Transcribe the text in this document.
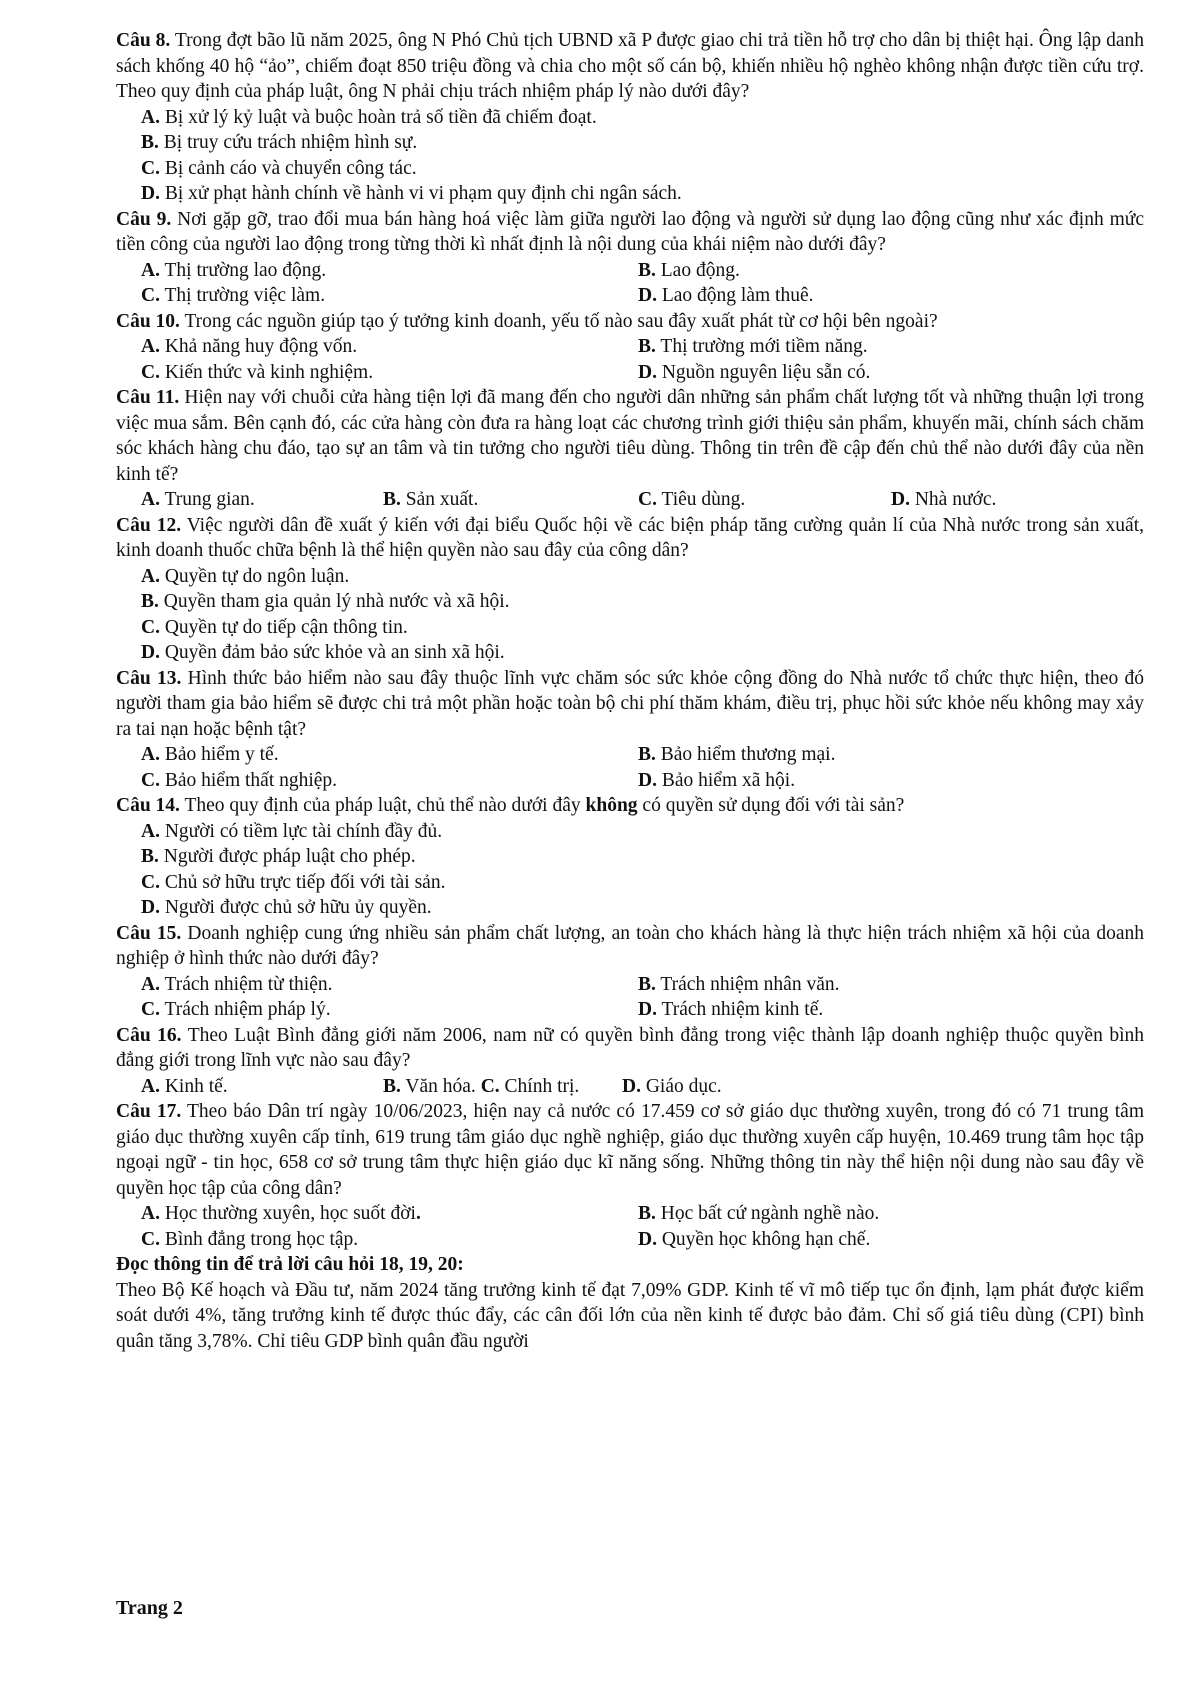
Câu 8. Trong đợt bão lũ năm 2025, ông N Phó Chủ tịch UBND xã P được giao chi trả tiền hỗ trợ cho dân bị thiệt hại. Ông lập danh sách khống 40 hộ “ảo”, chiếm đoạt 850 triệu đồng và chia cho một số cán bộ, khiến nhiều hộ nghèo không nhận được tiền cứu trợ. Theo quy định của pháp luật, ông N phải chịu trách nhiệm pháp lý nào dưới đây?

A. Bị xử lý kỷ luật và buộc hoàn trả số tiền đã chiếm đoạt.
B. Bị truy cứu trách nhiệm hình sự.
C. Bị cảnh cáo và chuyển công tác.
D. Bị xử phạt hành chính về hành vi vi phạm quy định chi ngân sách.

Câu 9. Nơi gặp gỡ, trao đổi mua bán hàng hoá việc làm giữa người lao động và người sử dụng lao động cũng như xác định mức tiền công của người lao động trong từng thời kì nhất định là nội dung của khái niệm nào dưới đây?

A. Thị trường lao động.	B. Lao động.
C. Thị trường việc làm.	D. Lao động làm thuê.

Câu 10. Trong các nguồn giúp tạo ý tưởng kinh doanh, yếu tố nào sau đây xuất phát từ cơ hội bên ngoài?

A. Khả năng huy động vốn.	B. Thị trường mới tiềm năng.
C. Kiến thức và kinh nghiệm.	D. Nguồn nguyên liệu sẵn có.

Câu 11. Hiện nay với chuỗi cửa hàng tiện lợi đã mang đến cho người dân những sản phẩm chất lượng tốt và những thuận lợi trong việc mua sắm. Bên cạnh đó, các cửa hàng còn đưa ra hàng loạt các chương trình giới thiệu sản phẩm, khuyến mãi, chính sách chăm sóc khách hàng chu đáo, tạo sự an tâm và tin tưởng cho người tiêu dùng. Thông tin trên đề cập đến chủ thể nào dưới đây của nền kinh tế?

A. Trung gian.	B. Sản xuất.	C. Tiêu dùng.	D. Nhà nước.

Câu 12. Việc người dân đề xuất ý kiến với đại biểu Quốc hội về các biện pháp tăng cường quản lí của Nhà nước trong sản xuất, kinh doanh thuốc chữa bệnh là thể hiện quyền nào sau đây của công dân?

A. Quyền tự do ngôn luận.
B. Quyền tham gia quản lý nhà nước và xã hội.
C. Quyền tự do tiếp cận thông tin.
D. Quyền đảm bảo sức khỏe và an sinh xã hội.

Câu 13. Hình thức bảo hiểm nào sau đây thuộc lĩnh vực chăm sóc sức khỏe cộng đồng do Nhà nước tổ chức thực hiện, theo đó người tham gia bảo hiểm sẽ được chi trả một phần hoặc toàn bộ chi phí thăm khám, điều trị, phục hồi sức khỏe nếu không may xảy ra tai nạn hoặc bệnh tật?

A. Bảo hiểm y tế.	B. Bảo hiểm thương mại.
C. Bảo hiểm thất nghiệp.	D. Bảo hiểm xã hội.

Câu 14. Theo quy định của pháp luật, chủ thể nào dưới đây không có quyền sử dụng đối với tài sản?

A. Người có tiềm lực tài chính đầy đủ.
B. Người được pháp luật cho phép.
C. Chủ sở hữu trực tiếp đối với tài sản.
D. Người được chủ sở hữu ủy quyền.

Câu 15. Doanh nghiệp cung ứng nhiều sản phẩm chất lượng, an toàn cho khách hàng là thực hiện trách nhiệm xã hội của doanh nghiệp ở hình thức nào dưới đây?

A. Trách nhiệm từ thiện.	B. Trách nhiệm nhân văn.
C. Trách nhiệm pháp lý.	D. Trách nhiệm kinh tế.

Câu 16. Theo Luật Bình đẳng giới năm 2006, nam nữ có quyền bình đẳng trong việc thành lập doanh nghiệp thuộc quyền bình đẳng giới trong lĩnh vực nào sau đây?

A. Kinh tế.	B. Văn hóa. C. Chính trị. D. Giáo dục.

Câu 17. Theo báo Dân trí ngày 10/06/2023, hiện nay cả nước có 17.459 cơ sở giáo dục thường xuyên, trong đó có 71 trung tâm giáo dục thường xuyên cấp tỉnh, 619 trung tâm giáo dục nghề nghiệp, giáo dục thường xuyên cấp huyện, 10.469 trung tâm học tập ngoại ngữ - tin học, 658 cơ sở trung tâm thực hiện giáo dục kĩ năng sống. Những thông tin này thể hiện nội dung nào sau đây về quyền học tập của công dân?

A. Học thường xuyên, học suốt đời.	B. Học bất cứ ngành nghề nào.
C. Bình đẳng trong học tập.	D. Quyền học không hạn chế.
Đọc thông tin để trả lời câu hỏi 18, 19, 20:

Theo Bộ Kế hoạch và Đầu tư, năm 2024 tăng trưởng kinh tế đạt 7,09% GDP. Kinh tế vĩ mô tiếp tục ổn định, lạm phát được kiểm soát dưới 4%, tăng trưởng kinh tế được thúc đẩy, các cân đối lớn của nền kinh tế được bảo đảm. Chỉ số giá tiêu dùng (CPI) bình quân tăng 3,78%. Chỉ tiêu GDP bình quân đầu người

Trang 2
